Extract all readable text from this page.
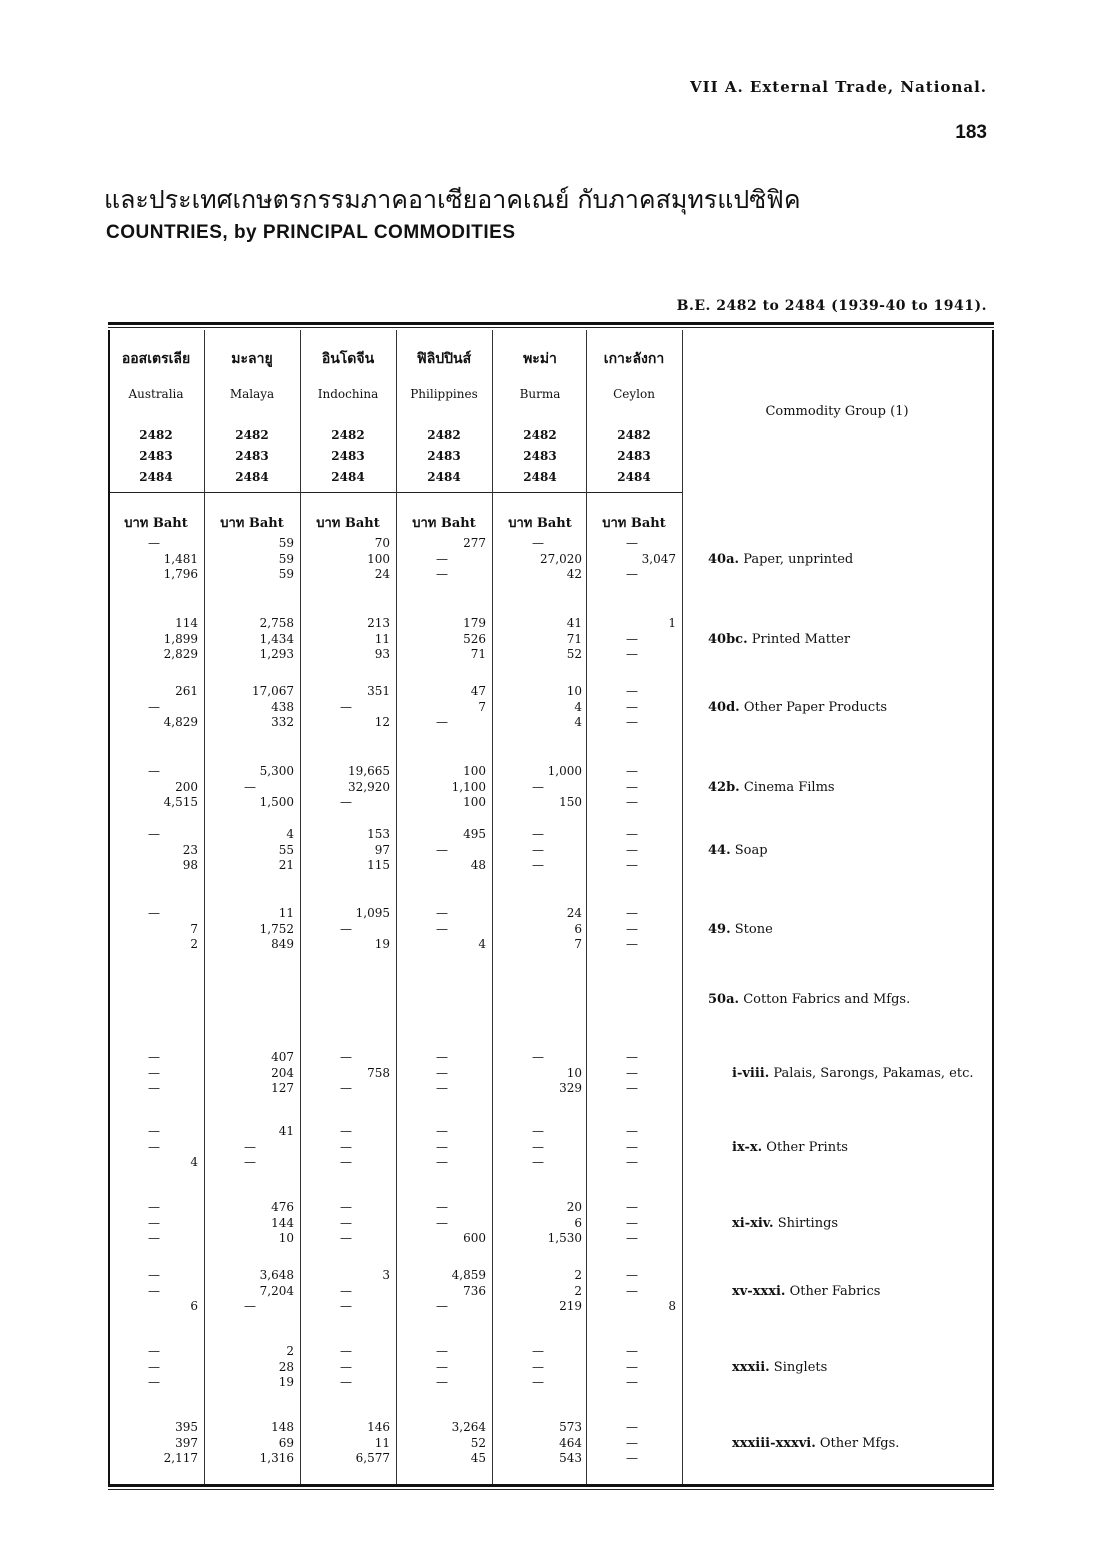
VII A. External Trade, National.
183
และประเทศเกษตรกรรมภาคอาเซียอาคเณย์ กับภาคสมุทรแปซิฟิค
COUNTRIES, by PRINCIPAL COMMODITIES
B.E. 2482 to 2484 (1939-40 to 1941).
Commodity Group (1)
ออสเตรเลีย
Australia
2482
2483
2484
บาท Baht
มะลายู
Malaya
2482
2483
2484
บาท Baht
อินโดจีน
Indochina
2482
2483
2484
บาท Baht
ฟิลิปปินส์
Philippines
2482
2483
2484
บาท Baht
พะม่า
Burma
2482
2483
2484
บาท Baht
เกาะลังกา
Ceylon
2482
2483
2484
บาท Baht
40a. Paper, unprinted
—
1,481
1,796
59
59
59
70
100
24
277
—
—
—
27,020
42
—
3,047
—
40bc. Printed Matter
114
1,899
2,829
2,758
1,434
1,293
213
11
93
179
526
71
41
71
52
1
—
—
40d. Other Paper Products
261
—
4,829
17,067
438
332
351
—
12
47
7
—
10
4
4
—
—
—
42b. Cinema Films
—
200
4,515
5,300
—
1,500
19,665
32,920
—
100
1,100
100
1,000
—
150
—
—
—
44. Soap
—
23
98
4
55
21
153
97
115
495
—
48
—
—
—
—
—
—
49. Stone
—
7
2
11
1,752
849
1,095
—
19
—
—
4
24
6
7
—
—
—
50a. Cotton Fabrics and Mfgs.
i-viii. Palais, Sarongs, Pakamas, etc.
—
—
—
407
204
127
—
758
—
—
—
—
—
10
329
—
—
—
ix-x. Other Prints
—
—
4
41
—
—
—
—
—
—
—
—
—
—
—
—
—
—
xi-xiv. Shirtings
—
—
—
476
144
10
—
—
—
—
—
600
20
6
1,530
—
—
—
xv-xxxi. Other Fabrics
—
—
6
3,648
7,204
—
3
—
—
4,859
736
—
2
2
219
—
—
8
xxxii. Singlets
—
—
—
2
28
19
—
—
—
—
—
—
—
—
—
—
—
—
xxxiii-xxxvi. Other Mfgs.
395
397
2,117
148
69
1,316
146
11
6,577
3,264
52
45
573
464
543
—
—
—
